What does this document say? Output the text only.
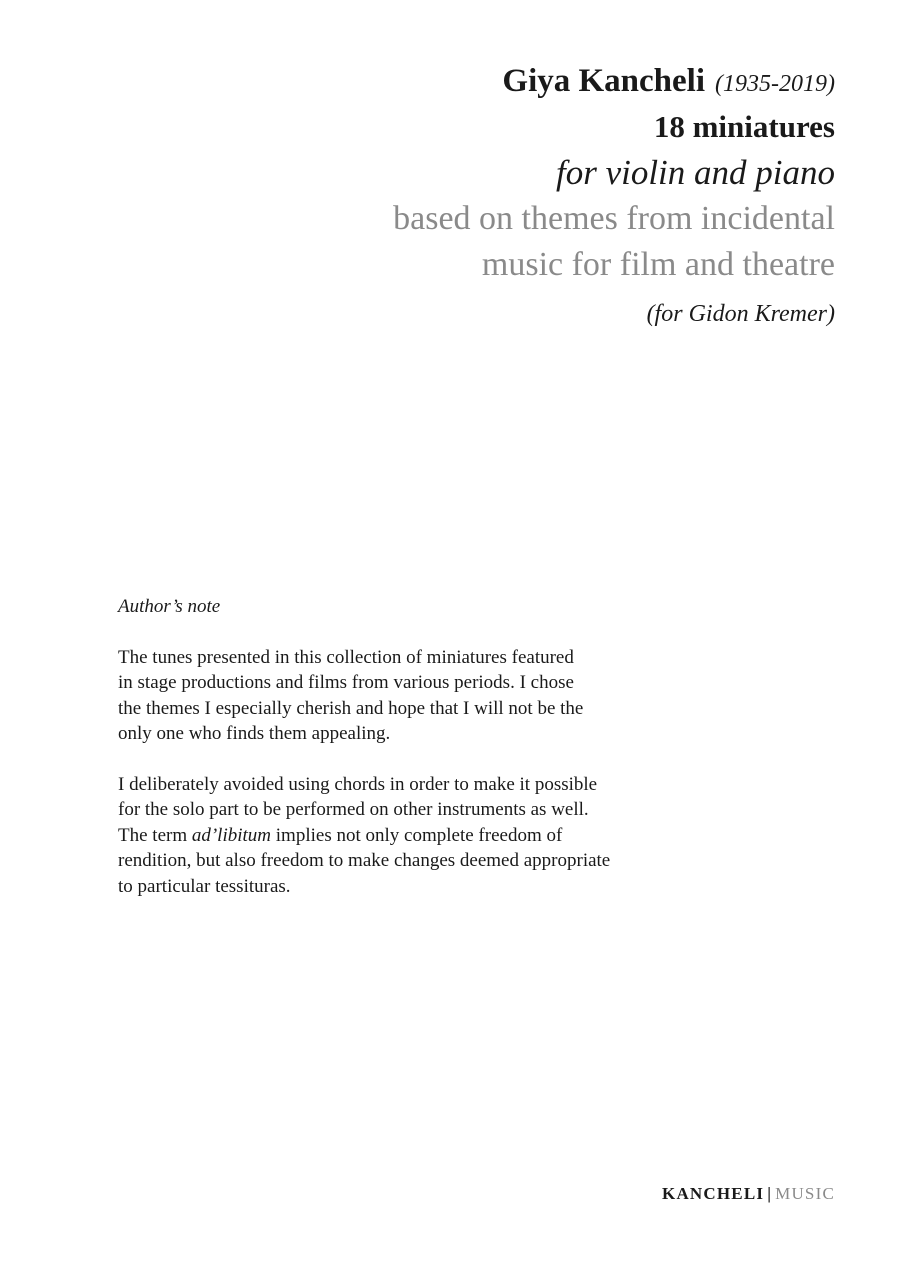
Giya Kancheli (1935-2019)
18 miniatures
for violin and piano
based on themes from incidental
music for film and theatre
(for Gidon Kremer)
Author’s note

The tunes presented in this collection of miniatures featured
in stage productions and films from various periods. I chose
the themes I especially cherish and hope that I will not be the
only one who finds them appealing.

I deliberately avoided using chords in order to make it possible
for the solo part to be performed on other instruments as well.
The term ad’libitum implies not only complete freedom of
rendition, but also freedom to make changes deemed appropriate
to particular tessituras.

KANCHELI | MUSIC
